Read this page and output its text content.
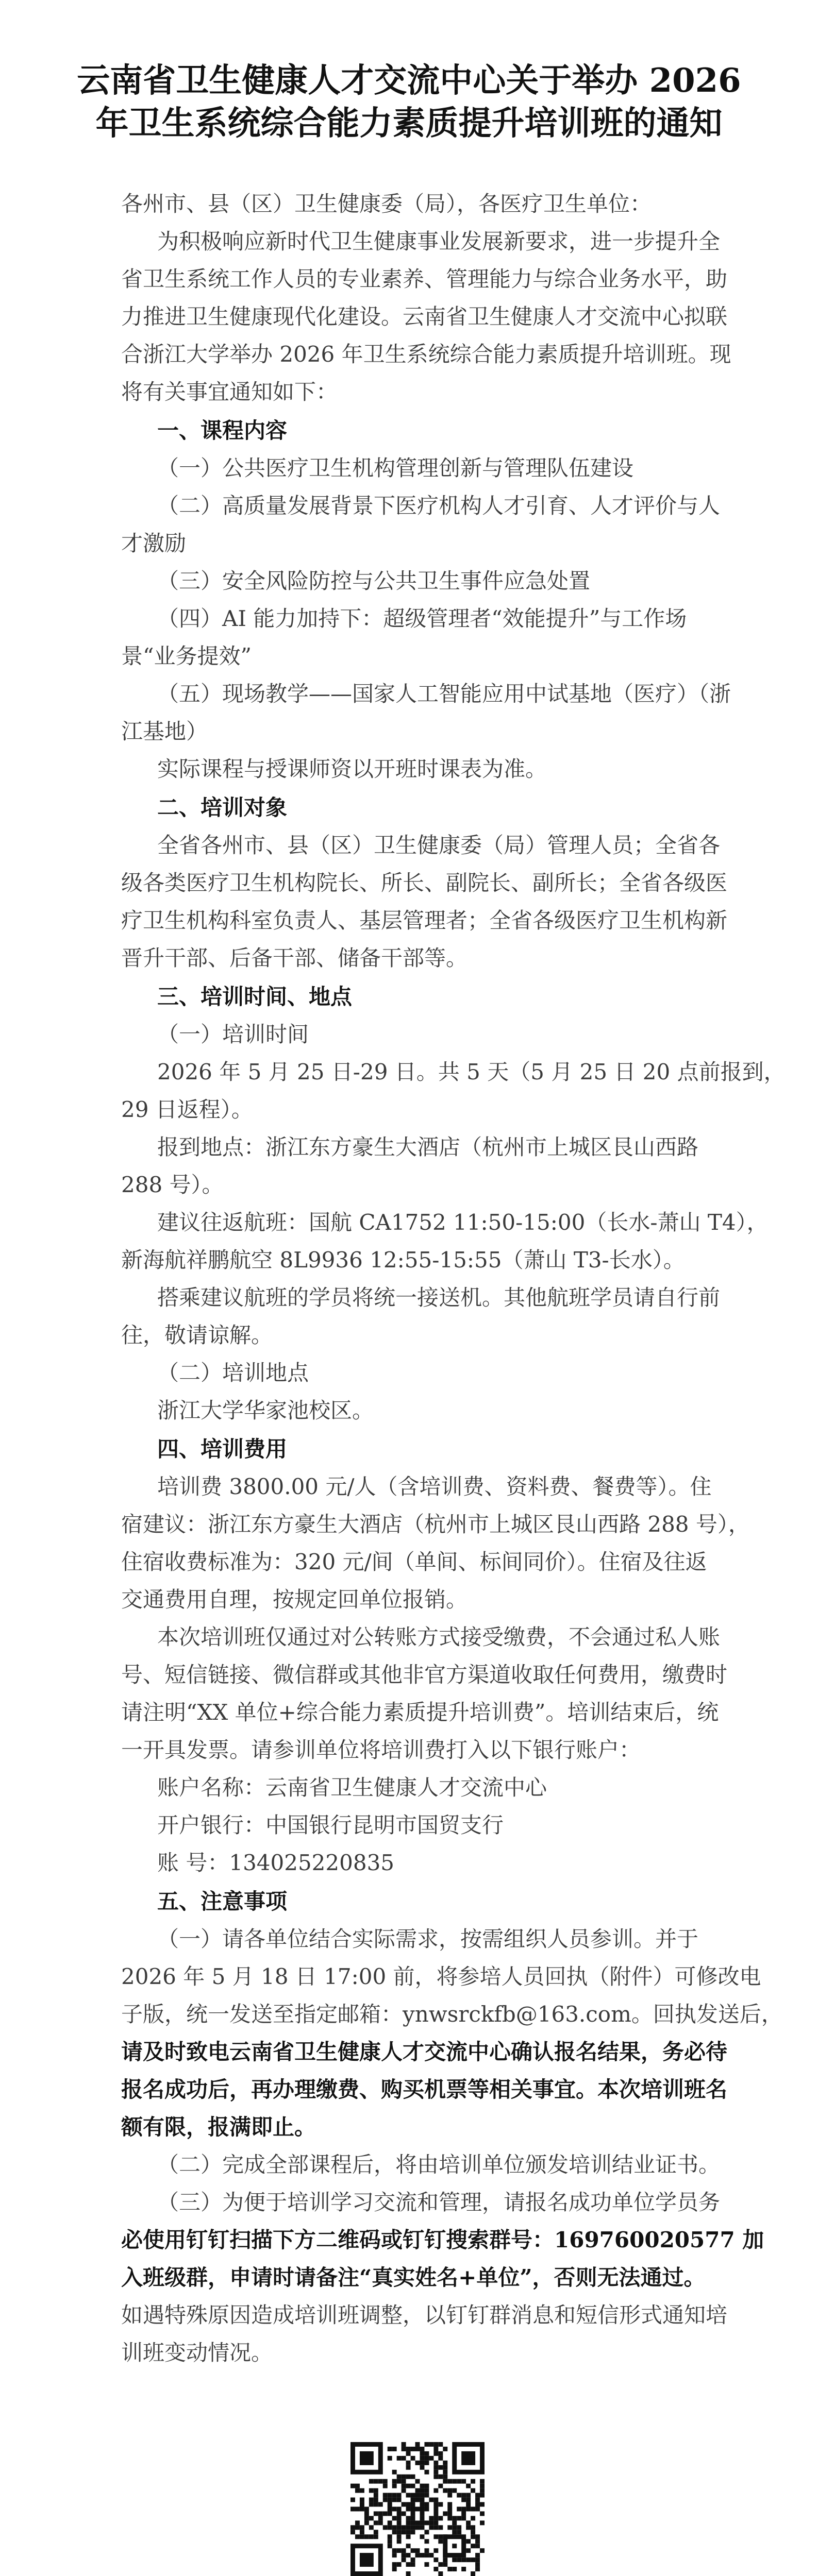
云南省卫生健康人才交流中心关于举办 2026
年卫生系统综合能力素质提升培训班的通知
各州市、县（区）卫生健康委（局），各医疗卫生单位：
为积极响应新时代卫生健康事业发展新要求，进一步提升全
省卫生系统工作人员的专业素养、管理能力与综合业务水平，助
力推进卫生健康现代化建设。云南省卫生健康人才交流中心拟联
合浙江大学举办 2026 年卫生系统综合能力素质提升培训班。现
将有关事宜通知如下：
一、课程内容
（一）公共医疗卫生机构管理创新与管理队伍建设
（二）高质量发展背景下医疗机构人才引育、人才评价与人
才激励
（三）安全风险防控与公共卫生事件应急处置
（四）AI 能力加持下：超级管理者“效能提升”与工作场
景“业务提效”
（五）现场教学——国家人工智能应用中试基地（医疗）（浙
江基地）
实际课程与授课师资以开班时课表为准。
二、培训对象
全省各州市、县（区）卫生健康委（局）管理人员；全省各
级各类医疗卫生机构院长、所长、副院长、副所长；全省各级医
疗卫生机构科室负责人、基层管理者；全省各级医疗卫生机构新
晋升干部、后备干部、储备干部等。
三、培训时间、地点
（一）培训时间
2026 年 5 月 25 日-29 日。共 5 天（5 月 25 日 20 点前报到，
29 日返程）。
报到地点：浙江东方豪生大酒店（杭州市上城区艮山西路
288 号）。
建议往返航班：国航 CA1752 11:50-15:00（长水-萧山 T4），
新海航祥鹏航空 8L9936 12:55-15:55（萧山 T3-长水）。
搭乘建议航班的学员将统一接送机。其他航班学员请自行前
往，敬请谅解。
（二）培训地点
浙江大学华家池校区。
四、培训费用
培训费 3800.00 元/人（含培训费、资料费、餐费等）。住
宿建议：浙江东方豪生大酒店（杭州市上城区艮山西路 288 号），
住宿收费标准为：320 元/间（单间、标间同价）。住宿及往返
交通费用自理，按规定回单位报销。
本次培训班仅通过对公转账方式接受缴费，不会通过私人账
号、短信链接、微信群或其他非官方渠道收取任何费用，缴费时
请注明“XX 单位+综合能力素质提升培训费”。培训结束后，统
一开具发票。请参训单位将培训费打入以下银行账户：
账户名称：云南省卫生健康人才交流中心
开户银行：中国银行昆明市国贸支行
账 号：134025220835
五、注意事项
（一）请各单位结合实际需求，按需组织人员参训。并于
2026 年 5 月 18 日 17:00 前，将参培人员回执（附件）可修改电
子版，统一发送至指定邮箱：ynwsrckfb@163.com。回执发送后，
请及时致电云南省卫生健康人才交流中心确认报名结果，务必待
报名成功后，再办理缴费、购买机票等相关事宜。本次培训班名
额有限，报满即止。
（二）完成全部课程后，将由培训单位颁发培训结业证书。
（三）为便于培训学习交流和管理，请报名成功单位学员务
必使用钉钉扫描下方二维码或钉钉搜索群号：169760020577 加
入班级群，申请时请备注“真实姓名+单位”，否则无法通过。
如遇特殊原因造成培训班调整，以钉钉群消息和短信形式通知培
训班变动情况。
